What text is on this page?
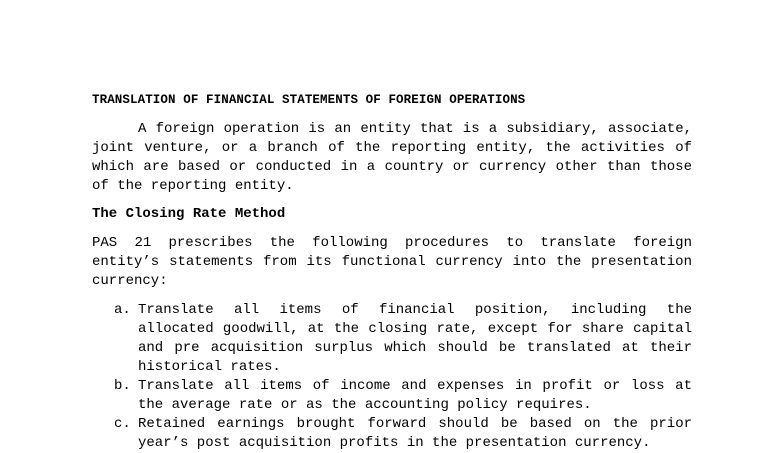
TRANSLATION OF FINANCIAL STATEMENTS OF FOREIGN OPERATIONS

A foreign operation is an entity that is a subsidiary, associate, joint venture, or a branch of the reporting entity, the activities of which are based or conducted in a country or currency other than those of the reporting entity.

The Closing Rate Method

PAS 21 prescribes the following procedures to translate foreign entity’s statements from its functional currency into the presentation currency:

a. Translate all items of financial position, including the allocated goodwill, at the closing rate, except for share capital and pre acquisition surplus which should be translated at their historical rates.
b. Translate all items of income and expenses in profit or loss at the average rate or as the accounting policy requires.
c. Retained earnings brought forward should be based on the prior year’s post acquisition profits in the presentation currency.
